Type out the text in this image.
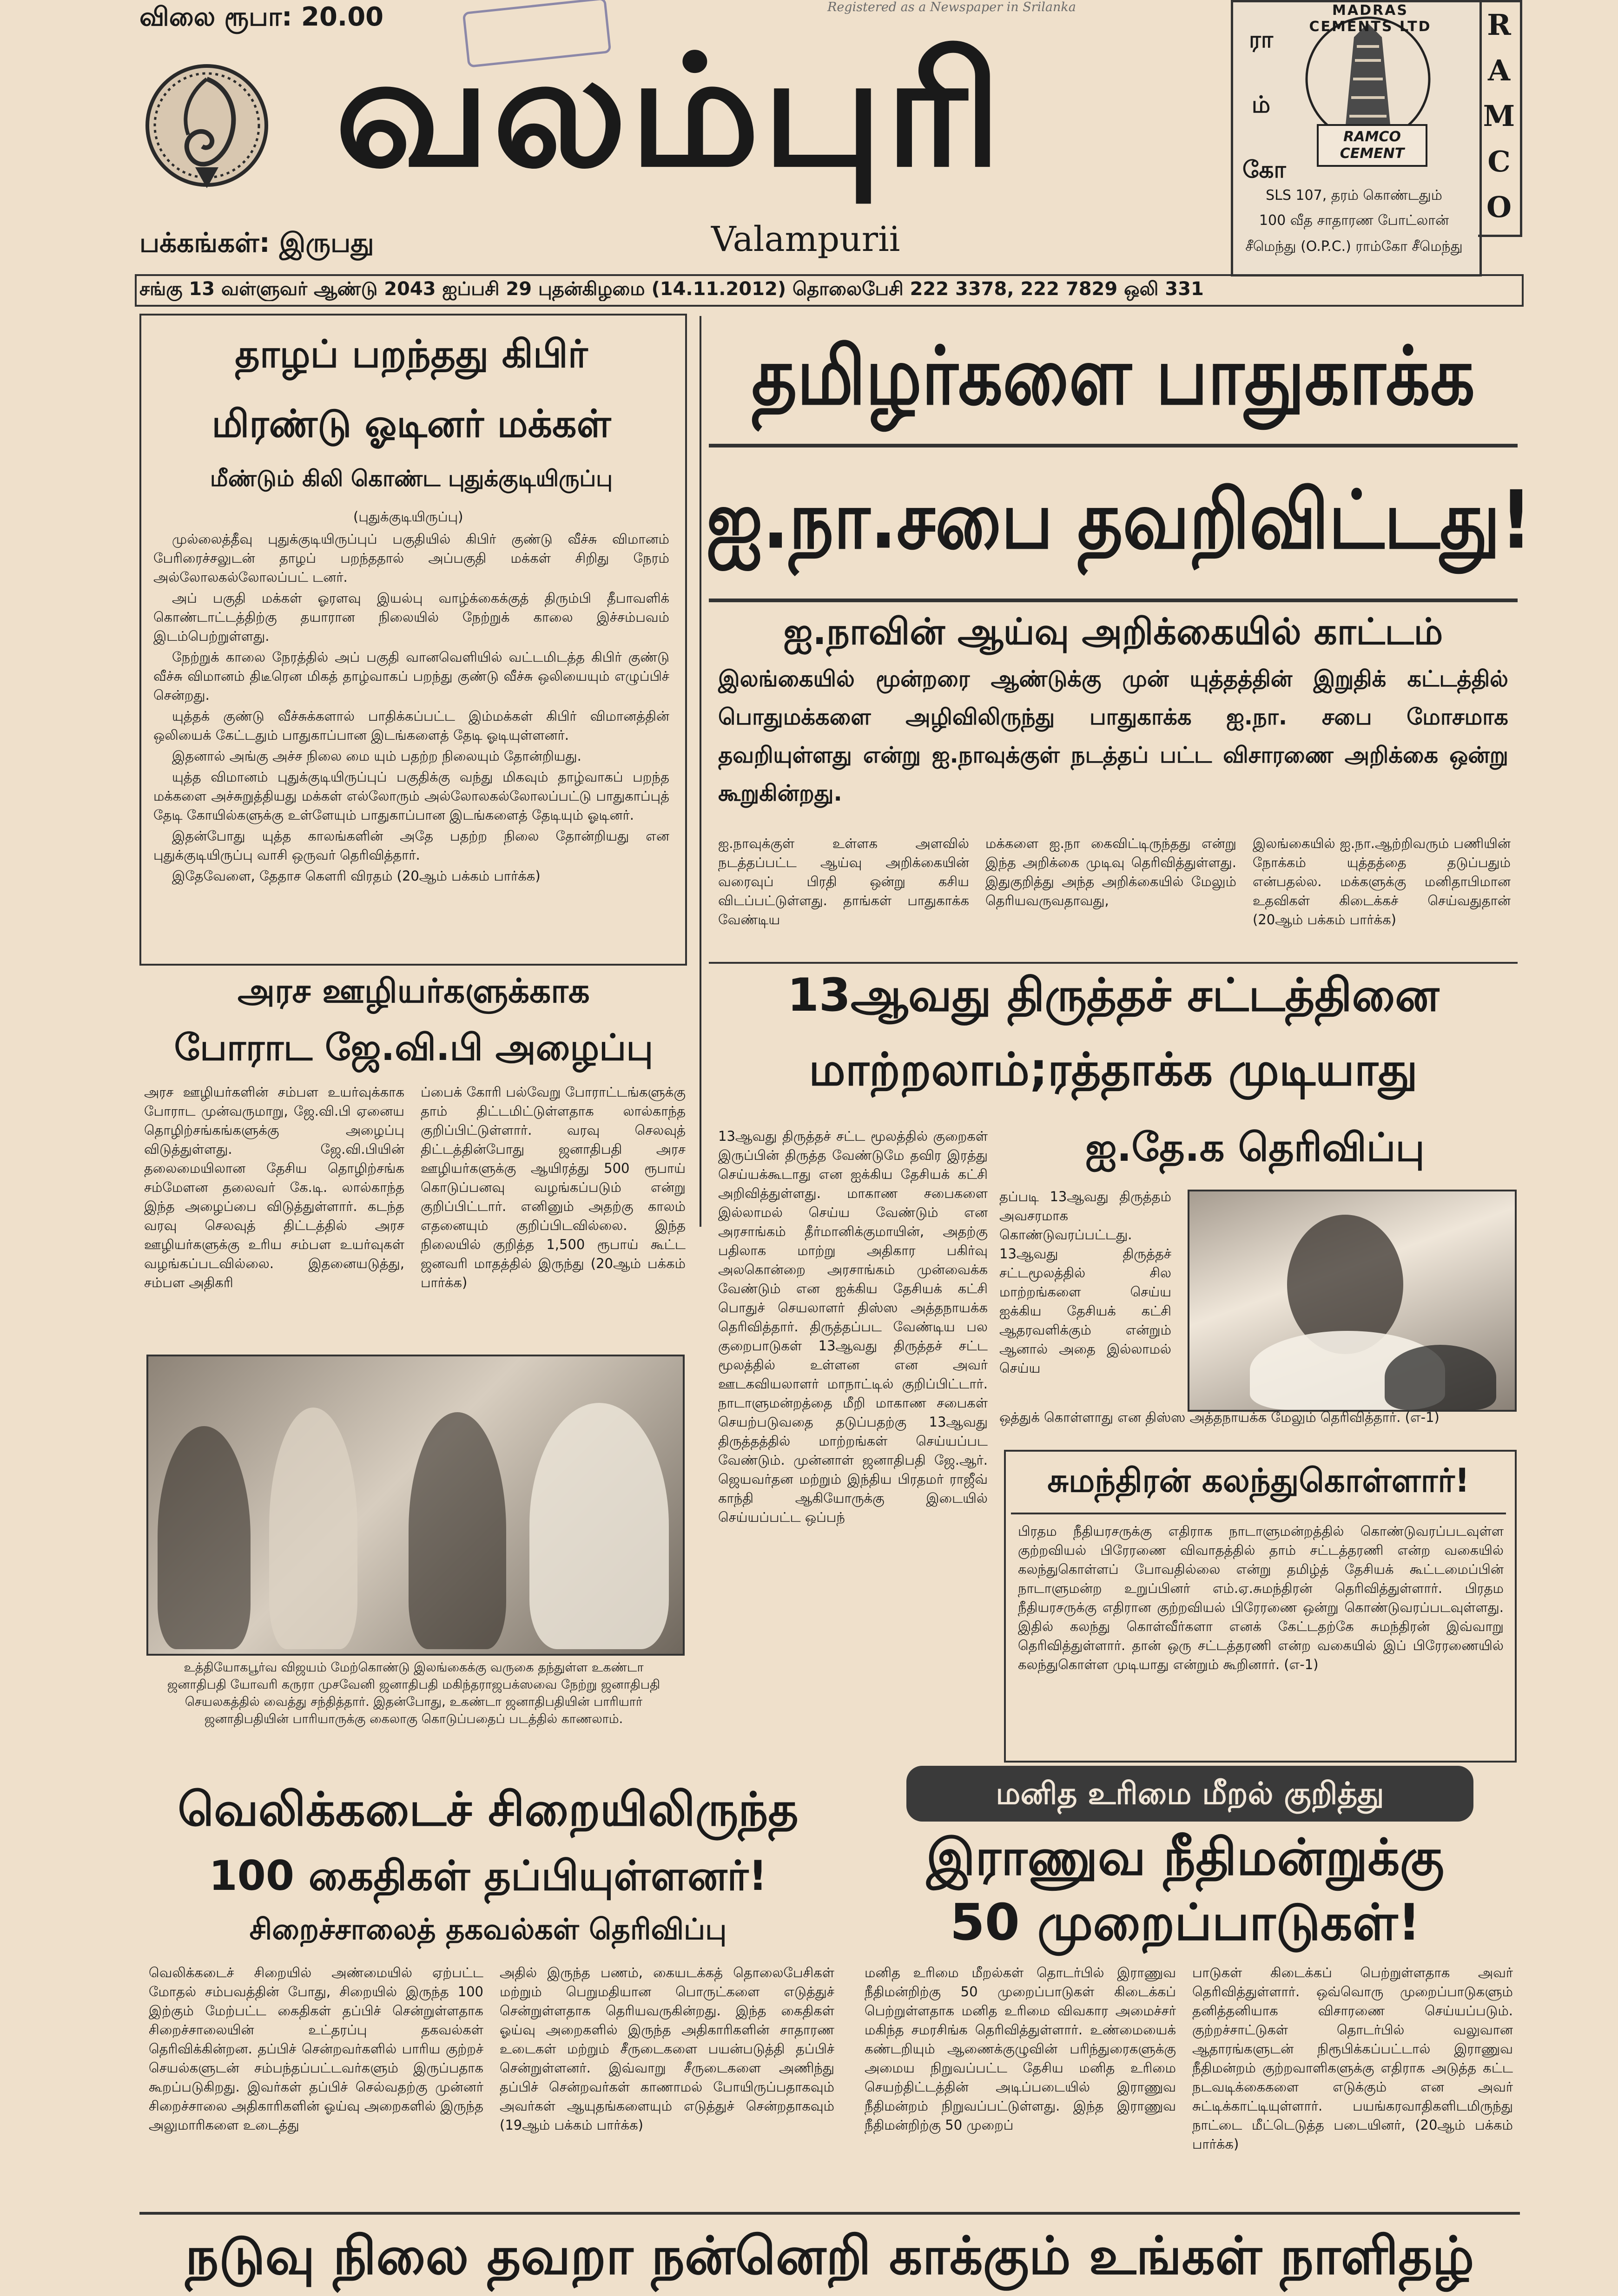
விலை ரூபா: 20.00	Registered as a Newspaper in Srilanka
வலம்புரி
Valampurii
பக்கங்கள்: இருபது
ரா
ம்
கோ
MADRAS CEMENTS LTD
RAMCO CEMENT
SLS 107, தரம் கொண்டதும்
100 வீத சாதாரண போட்லான்
சீமெந்து (O.P.C.) ராம்கோ சீமெந்து
R
A
M
C
O
சங்கு 13 வள்ளுவர் ஆண்டு 2043 ஐப்பசி 29 புதன்கிழமை (14.11.2012) தொலைபேசி 222 3378, 222 7829 ஒலி 331
தாழப் பறந்தது கிபிர்
மிரண்டு ஓடினர் மக்கள்
மீண்டும் கிலி கொண்ட புதுக்குடியிருப்பு
(புதுக்குடியிருப்பு)

முல்லைத்தீவு புதுக்குடியிருப்புப் பகுதியில் கிபிர் குண்டு வீச்சு விமானம் பேரிரைச்சலுடன் தாழப் பறந்ததால் அப்பகுதி மக்கள் சிறிது நேரம் அல்லோலகல்லோலப்பட் டனர்.

அப் பகுதி மக்கள் ஓரளவு இயல்பு வாழ்க்கைக்குத் திரும்பி தீபாவளிக் கொண்டாட்டத்திற்கு தயாரான நிலையில் நேற்றுக் காலை இச்சம்பவம் இடம்பெற்றுள்ளது.

நேற்றுக் காலை நேரத்தில் அப் பகுதி வானவெளியில் வட்டமிடத்த கிபிர் குண்டு வீச்சு விமானம் திடீரென மிகத் தாழ்வாகப் பறந்து குண்டு வீச்சு ஒலியையும் எழுப்பிச் சென்றது.

யுத்தக் குண்டு வீச்சுக்களால் பாதிக்கப்பட்ட இம்மக்கள் கிபிர் விமானத்தின் ஒலியைக் கேட்டதும் பாதுகாப்பான இடங்களைத் தேடி ஓடியுள்ளனர்.

இதனால் அங்கு அச்ச நிலை மை யும் பதற்ற நிலையும் தோன்றியது.

யுத்த விமானம் புதுக்குடியிருப்புப் பகுதிக்கு வந்து மிகவும் தாழ்வாகப் பறந்த மக்களை அச்சுறுத்தியது மக்கள் எல்லோரும் அல்லோலகல்லோலப்பட்டு பாதுகாப்புத் தேடி கோயில்களுக்கு உள்ளேயும் பாதுகாப்பான இடங்களைத் தேடியும் ஓடினர்.

இதன்போது யுத்த காலங்களின் அதே பதற்ற நிலை தோன்றியது என புதுக்குடியிருப்பு வாசி ஒருவர் தெரிவித்தார்.

இதேவேளை, தேதாச கௌரி விரதம் (20ஆம் பக்கம் பார்க்க)

தமிழர்களை பாதுகாக்க
ஐ.நா.சபை தவறிவிட்டது!
ஐ.நாவின் ஆய்வு அறிக்கையில் காட்டம்
இலங்கையில் மூன்றரை ஆண்டுக்கு முன் யுத்தத்தின் இறுதிக் கட்டத்தில் பொதுமக்களை அழிவிலிருந்து பாதுகாக்க ஐ.நா. சபை மோசமாக தவறியுள்ளது என்று ஐ.நாவுக்குள் நடத்தப் பட்ட விசாரணை அறிக்கை ஒன்று கூறுகின்றது.
ஐ.நாவுக்குள் உள்ளக அளவில் நடத்தப்பட்ட ஆய்வு அறிக்கையின் வரைவுப் பிரதி ஒன்று கசிய விடப்பட்டுள்ளது. தாங்கள் பாதுகாக்க வேண்டிய
மக்களை ஐ.நா கைவிட்டிருந்தது என்று இந்த அறிக்கை முடிவு தெரிவித்துள்ளது. இதுகுறித்து அந்த அறிக்கையில் மேலும் தெரியவருவதாவது,
இலங்கையில் ஐ.நா.ஆற்றிவரும் பணியின் நோக்கம் யுத்தத்தை தடுப்பதும் என்பதல்ல. மக்களுக்கு மனிதாபிமான உதவிகள் கிடைக்கச் செய்வதுதான் (20ஆம் பக்கம் பார்க்க)
அரச ஊழியர்களுக்காக
போராட ஜே.வி.பி அழைப்பு
அரச ஊழியர்களின் சம்பள உயர்வுக்காக போராட முன்வருமாறு, ஜே.வி.பி ஏனைய தொழிற்சங்கங்களுக்கு அழைப்பு விடுத்துள்ளது. ஜே.வி.பியின் தலைமையிலான தேசிய தொழிற்சங்க சம்மேளன தலைவர் கே.டி. லால்காந்த இந்த அழைப்பை விடுத்துள்ளார். கடந்த வரவு செலவுத் திட்டத்தில் அரச ஊழியர்களுக்கு உரிய சம்பள உயர்வுகள் வழங்கப்படவில்லை. இதனையடுத்து, சம்பள அதிகரி
ப்பைக் கோரி பல்வேறு போராட்டங்களுக்கு தாம் திட்டமிட்டுள்ளதாக லால்காந்த குறிப்பிட்டுள்ளார். வரவு செலவுத் திட்டத்தின்போது ஜனாதிபதி அரச ஊழியர்களுக்கு ஆயிரத்து 500 ரூபாய் கொடுப்பனவு வழங்கப்படும் என்று குறிப்பிட்டார். எனினும் அதற்கு காலம் எதனையும் குறிப்பிடவில்லை. இந்த நிலையில் குறித்த 1,500 ரூபாய் கூட்ட ஜனவரி மாதத்தில் இருந்து (20ஆம் பக்கம் பார்க்க)
உத்தியோகபூர்வ விஜயம் மேற்கொண்டு இலங்கைக்கு வருகை தந்துள்ள உகண்டா ஜனாதிபதி யோவரி கருரா முசவேனி ஜனாதிபதி மகிந்தராஜபக்ஸவை நேற்று ஜனாதிபதி செயலகத்தில் வைத்து சந்தித்தார். இதன்போது, உகண்டா ஜனாதிபதியின் பாரியார் ஜனாதிபதியின் பாரியாருக்கு கைலாகு கொடுப்பதைப் படத்தில் காணலாம்.
13ஆவது திருத்தச் சட்டத்தினை
மாற்றலாம்;ரத்தாக்க முடியாது
ஐ.தே.க தெரிவிப்பு
13ஆவது திருத்தச் சட்ட மூலத்தில் குறைகள் இருப்பின் திருத்த வேண்டுமே தவிர இரத்து செய்யக்கூடாது என ஐக்கிய தேசியக் கட்சி அறிவித்துள்ளது. மாகாண சபைகளை இல்லாமல் செய்ய வேண்டும் என அரசாங்கம் தீர்மானிக்குமாயின், அதற்கு பதிலாக மாற்று அதிகார பகிர்வு அலகொன்றை அரசாங்கம் முன்வைக்க வேண்டும் என ஐக்கிய தேசியக் கட்சி பொதுச் செயலாளர் திஸ்ஸ அத்தநாயக்க தெரிவித்தார். திருத்தப்பட வேண்டிய பல குறைபாடுகள் 13ஆவது திருத்தச் சட்ட மூலத்தில் உள்ளன என அவர் ஊடகவியலாளர் மாநாட்டில் குறிப்பிட்டார். நாடாளுமன்றத்தை மீறி மாகாண சபைகள் செயற்படுவதை தடுப்பதற்கு 13ஆவது திருத்தத்தில் மாற்றங்கள் செய்யப்பட வேண்டும். முன்னாள் ஜனாதிபதி ஜே.ஆர். ஜெயவர்தன மற்றும் இந்திய பிரதமர் ராஜீவ் காந்தி ஆகியோருக்கு இடையில் செய்யப்பட்ட ஒப்பந்
தப்படி 13ஆவது திருத்தம் அவசரமாக கொண்டுவரப்பட்டது. 13ஆவது திருத்தச் சட்டமூலத்தில் சில மாற்றங்களை செய்ய ஐக்கிய தேசியக் கட்சி ஆதரவளிக்கும் என்றும் ஆனால் அதை இல்லாமல் செய்ய
ஒத்துக் கொள்ளாது என திஸ்ஸ அத்தநாயக்க மேலும் தெரிவித்தார். (எ-1)
சுமந்திரன் கலந்துகொள்ளார்!
பிரதம நீதியரசருக்கு எதிராக நாடாளுமன்றத்தில் கொண்டுவரப்படவுள்ள குற்றவியல் பிரேரணை விவாதத்தில் தாம் சட்டத்தரணி என்ற வகையில் கலந்துகொள்ளப் போவதில்லை என்று தமிழ்த் தேசியக் கூட்டமைப்பின் நாடாளுமன்ற உறுப்பினர் எம்.ஏ.சுமந்திரன் தெரிவித்துள்ளார். பிரதம நீதியரசருக்கு எதிரான குற்றவியல் பிரேரணை ஒன்று கொண்டுவரப்படவுள்ளது. இதில் கலந்து கொள்வீர்களா எனக் கேட்டதற்கே சுமந்திரன் இவ்வாறு தெரிவித்துள்ளார். தான் ஒரு சட்டத்தரணி என்ற வகையில் இப் பிரேரணையில் கலந்துகொள்ள முடியாது என்றும் கூறினார். (எ-1)
வெலிக்கடைச் சிறையிலிருந்த
100 கைதிகள் தப்பியுள்ளனர்!
சிறைச்சாலைத் தகவல்கள் தெரிவிப்பு
வெலிக்கடைச் சிறையில் அண்மையில் ஏற்பட்ட மோதல் சம்பவத்தின் போது, சிறையில் இருந்த 100 இற்கும் மேற்பட்ட கைதிகள் தப்பிச் சென்றுள்ளதாக சிறைச்சாலையின் உட்தரப்பு தகவல்கள் தெரிவிக்கின்றன. தப்பிச் சென்றவர்களில் பாரிய குற்றச் செயல்களுடன் சம்பந்தப்பட்டவர்களும் இருப்பதாக கூறப்படுகிறது. இவர்கள் தப்பிச் செல்வதற்கு முன்னர் சிறைச்சாலை அதிகாரிகளின் ஓய்வு அறைகளில் இருந்த அலுமாரிகளை உடைத்து
அதில் இருந்த பணம், கையடக்கத் தொலைபேசிகள் மற்றும் பெறுமதியான பொருட்களை எடுத்துச் சென்றுள்ளதாக தெரியவருகின்றது. இந்த கைதிகள் ஓய்வு அறைகளில் இருந்த அதிகாரிகளின் சாதாரண உடைகள் மற்றும் சீருடைகளை பயன்படுத்தி தப்பிச் சென்றுள்ளனர். இவ்வாறு சீருடைகளை அணிந்து தப்பிச் சென்றவர்கள் காணாமல் போயிருப்பதாகவும் அவர்கள் ஆயுதங்களையும் எடுத்துச் சென்றதாகவும் (19ஆம் பக்கம் பார்க்க)
மனித உரிமை மீறல் குறித்து
இராணுவ நீதிமன்றுக்கு
50 முறைப்பாடுகள்!
மனித உரிமை மீறல்கள் தொடர்பில் இராணுவ நீதிமன்றிற்கு 50 முறைப்பாடுகள் கிடைக்கப் பெற்றுள்ளதாக மனித உரிமை விவகார அமைச்சர் மகிந்த சமரசிங்க தெரிவித்துள்ளார். உண்மையைக் கண்டறியும் ஆணைக்குழுவின் பரிந்துரைகளுக்கு அமைய நிறுவப்பட்ட தேசிய மனித உரிமை செயற்திட்டத்தின் அடிப்படையில் இராணுவ நீதிமன்றம் நிறுவப்பட்டுள்ளது. இந்த இராணுவ நீதிமன்றிற்கு 50 முறைப்
பாடுகள் கிடைக்கப் பெற்றுள்ளதாக அவர் தெரிவித்துள்ளார். ஒவ்வொரு முறைப்பாடுகளும் தனித்தனியாக விசாரணை செய்யப்படும். குற்றச்சாட்டுகள் தொடர்பில் வலுவான ஆதாரங்களுடன் நிரூபிக்கப்பட்டால் இராணுவ நீதிமன்றம் குற்றவாளிகளுக்கு எதிராக அடுத்த கட்ட நடவடிக்கைகளை எடுக்கும் என அவர் சுட்டிக்காட்டியுள்ளார். பயங்கரவாதிகளிடமிருந்து நாட்டை மீட்டெடுத்த படையினர், (20ஆம் பக்கம் பார்க்க)
நடுவு நிலை தவறா நன்னெறி காக்கும் உங்கள் நாளிதழ்
